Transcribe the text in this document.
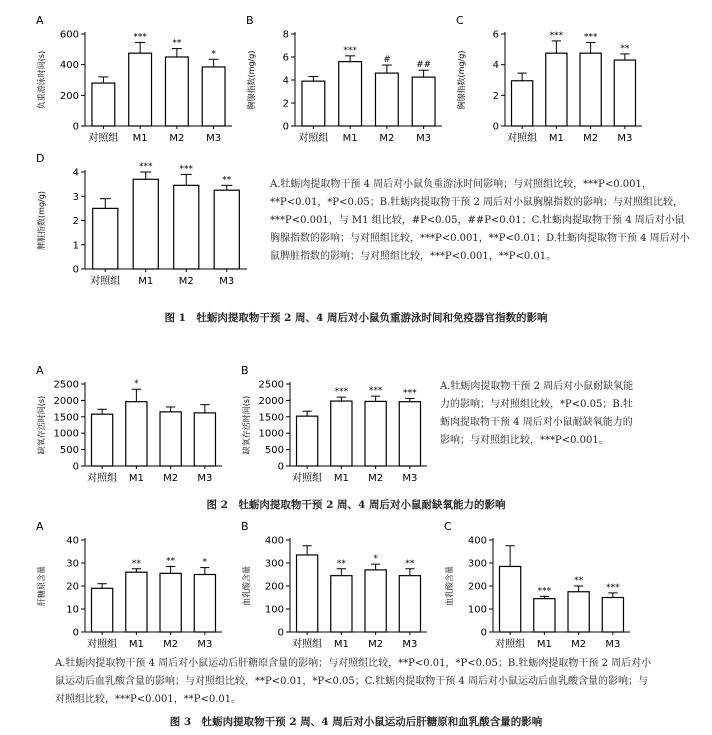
A
负重游泳时间(s)
0
200
400
600
对照组 M1
***
M2
**
M3
*
B
胸腺指数(mg/g)
0
2
4
6
8
对照组 M1
***
M2
#
M3
##
C
胸腺指数(mg/g)
0
2
4
6
对照组 M1
***
M2
***
M3
**
D
脾脏指数(mg/g)
0
1
2
3
4
对照组 M1
***
M2
***
M3
**	A.牡蛎肉提取物干预 4 周后对小鼠负重游泳时间影响；与对照组比较，***P<0.001，**P<0.01，*P<0.05；B.牡蛎肉提取物干预 2 周后对小鼠胸腺指数的影响；与对照组比较，***P<0.001，与 M1 组比较，#P<0.05，##P<0.01；C.牡蛎肉提取物干预 4 周后对小鼠胸腺指数的影响；与对照组比较，***P<0.001，**P<0.01；D.牡蛎肉提取物干预 4 周后对小鼠脾脏指数的影响；与对照组比较，***P<0.001，**P<0.01。
图 1　牡蛎肉提取物干预 2 周、4 周后对小鼠负重游泳时间和免疫器官指数的影响
A
缺氧存活时间(s)
0
500
1000
1500
2000
2500
对照组 M1
*
M2 M3
B
缺氧存活时间(s)
0
500
1000
1500
2000
2500
对照组 M1
***
M2
***
M3
***
A.牡蛎肉提取物干预 2 周后对小鼠耐缺氧能力的影响；与对照组比较，*P<0.05；B.牡蛎肉提取物干预 4 周后对小鼠耐缺氧能力的影响；与对照组比较，***P<0.001。
图 2　牡蛎肉提取物干预 2 周、4 周后对小鼠耐缺氧能力的影响
A
肝糖原含量
0
10
20
30
40
对照组 M1
**
M2
**
M3
*
B
血乳酸含量
0
100
200
300
400
对照组 M1
**
M2
*
M3
**
C
血乳酸含量
0
100
200
300
400
对照组 M1
***
M2
**
M3
***
A.牡蛎肉提取物干预 4 周后对小鼠运动后肝糖原含量的影响；与对照组比较，**P<0.01，*P<0.05；B.牡蛎肉提取物干预 2 周后对小鼠运动后血乳酸含量的影响；与对照组比较，**P<0.01，*P<0.05；C.牡蛎肉提取物干预 4 周后对小鼠运动后血乳酸含量的影响；与对照组比较，***P<0.001，**P<0.01。
图 3　牡蛎肉提取物干预 2 周、4 周后对小鼠运动后肝糖原和血乳酸含量的影响
